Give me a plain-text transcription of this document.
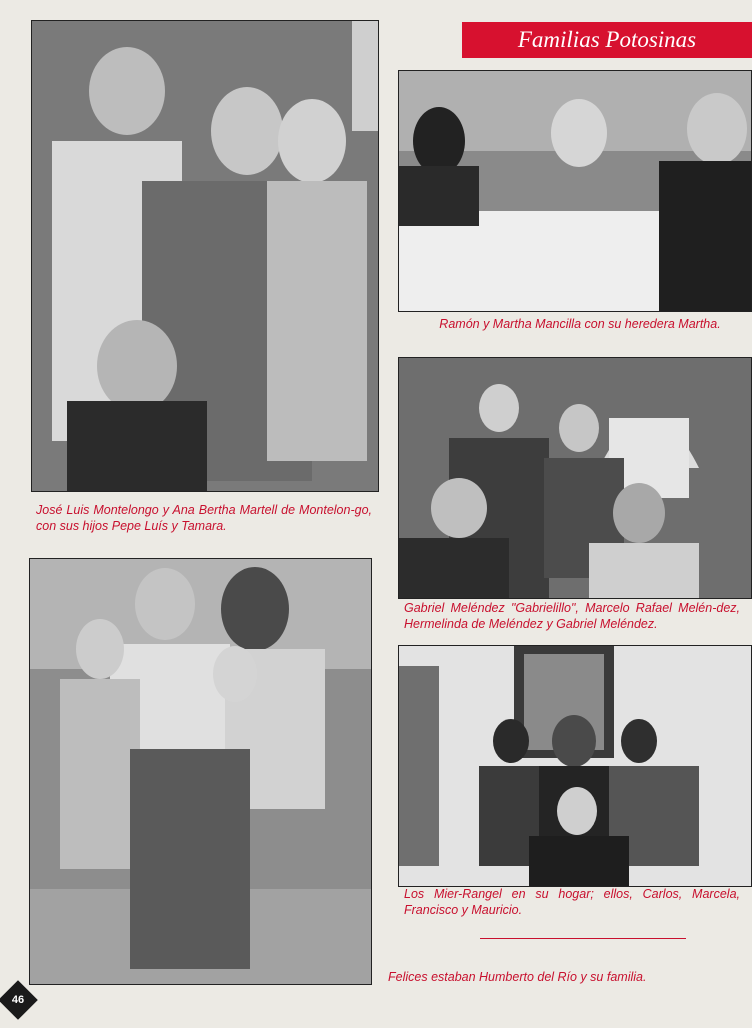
Familias Potosinas
José Luis Montelongo y Ana Bertha Martell de Montelon-go, con sus hijos Pepe Luís y Tamara.
Ramón y Martha Mancilla con su heredera Martha.
Gabriel Meléndez "Gabrielillo", Marcelo Rafael Melén-dez, Hermelinda de Meléndez y Gabriel Meléndez.
Felices estaban Humberto del Río y su familia.
Los Mier-Rangel en su hogar; ellos, Carlos, Marcela, Francisco y Mauricio.
46
